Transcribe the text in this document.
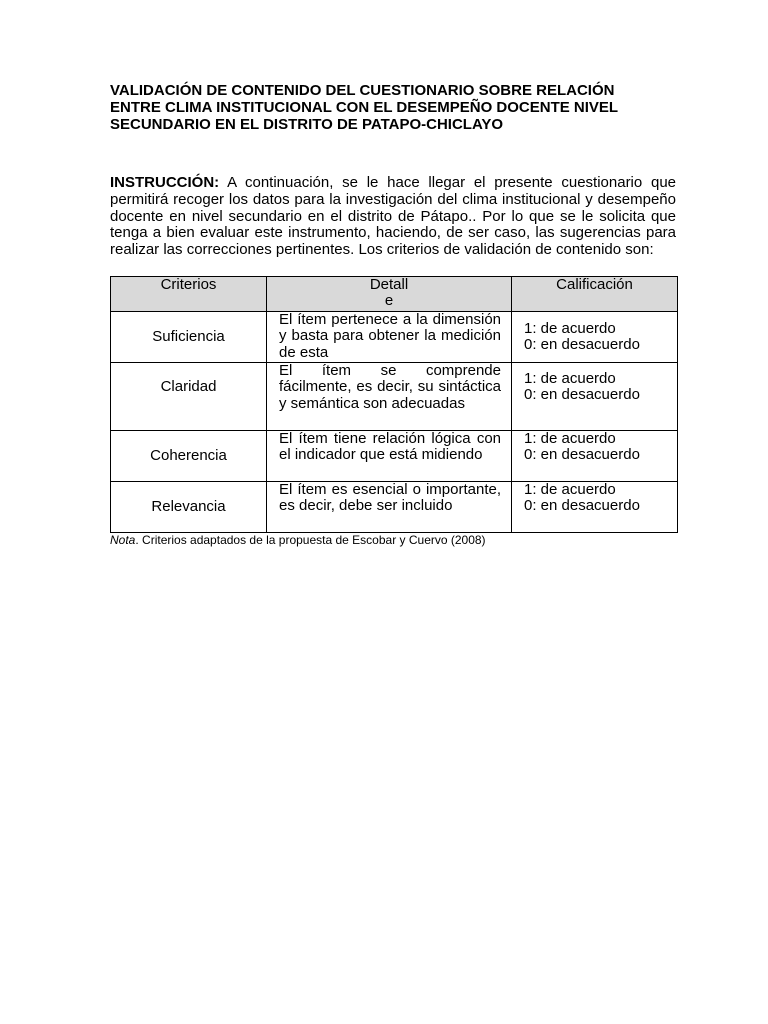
VALIDACIÓN DE CONTENIDO DEL CUESTIONARIO SOBRE RELACIÓN ENTRE CLIMA INSTITUCIONAL CON EL DESEMPEÑO DOCENTE NIVEL SECUNDARIO EN EL DISTRITO DE PATAPO-CHICLAYO

INSTRUCCIÓN: A continuación, se le hace llegar el presente cuestionario que permitirá recoger los datos para la investigación del clima institucional y desempeño docente en nivel secundario en el distrito de Pátapo.. Por lo que se le solicita que tenga a bien evaluar este instrumento, haciendo, de ser caso, las sugerencias para realizar las correcciones pertinentes. Los criterios de validación de contenido son:

Criterios	Detalle	Calificación
Suficiencia	El ítem pertenece a la dimensión y basta para obtener la medición de esta	1: de acuerdo
0: en desacuerdo

Claridad	El ítem se comprende fácilmente, es decir, su sintáctica y semántica son adecuadas	1: de acuerdo
0: en desacuerdo

Coherencia	El ítem tiene relación lógica con el indicador que está midiendo	1: de acuerdo
0: en desacuerdo

Relevancia	El ítem es esencial o importante, es decir, debe ser incluido	1: de acuerdo
0: en desacuerdo

Nota. Criterios adaptados de la propuesta de Escobar y Cuervo (2008)
